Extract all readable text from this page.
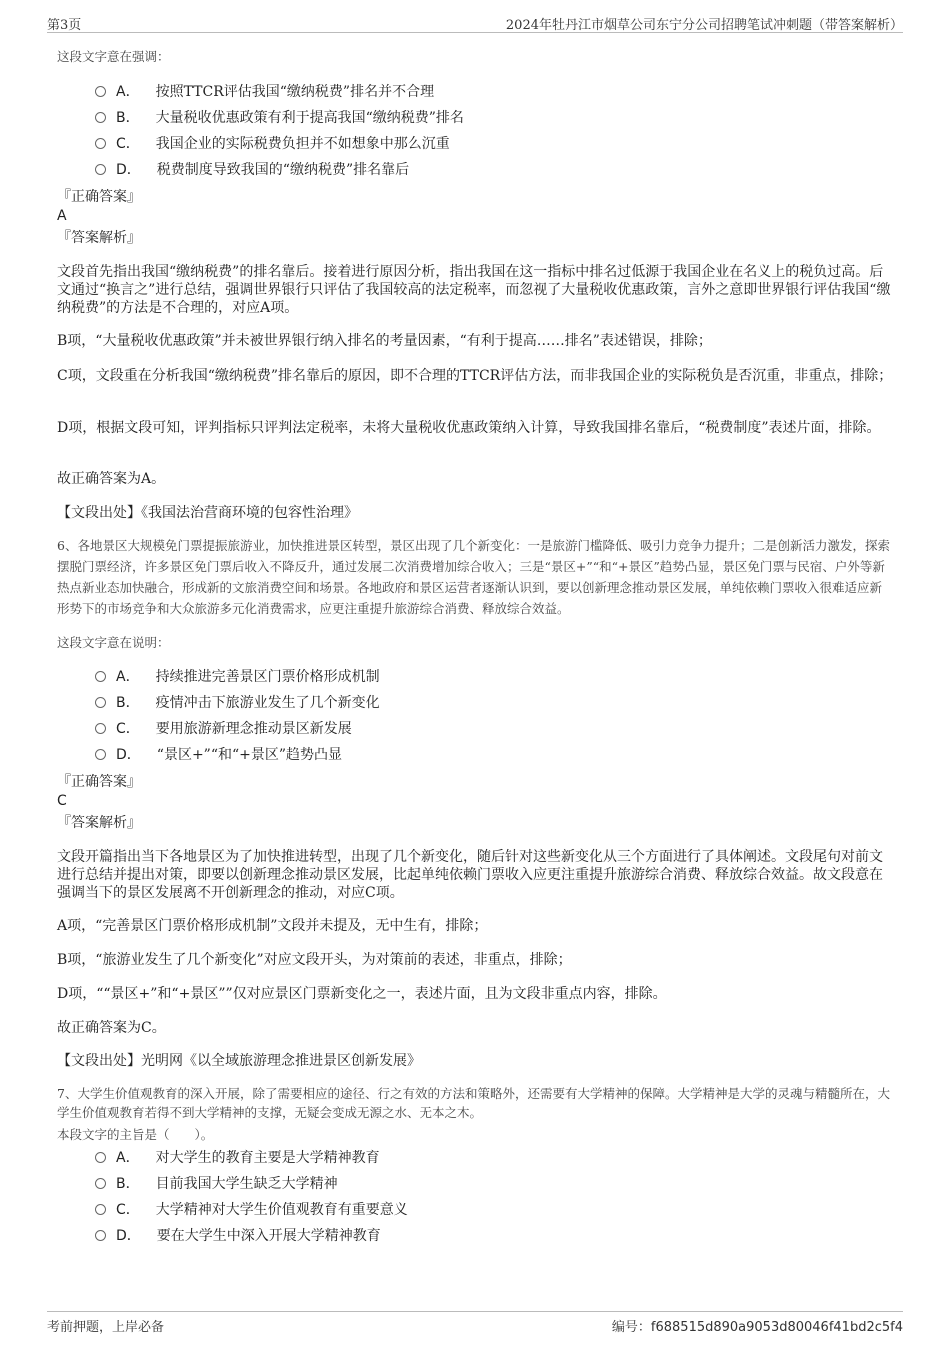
第3页	2024年牡丹江市烟草公司东宁分公司招聘笔试冲刺题（带答案解析）
这段文字意在强调：
A． 按照TTCR评估我国“缴纳税费”排名并不合理
B． 大量税收优惠政策有利于提高我国“缴纳税费”排名
C． 我国企业的实际税费负担并不如想象中那么沉重
D． 税费制度导致我国的“缴纳税费”排名靠后
『正确答案』
A
『答案解析』
文段首先指出我国“缴纳税费”的排名靠后。接着进行原因分析，指出我国在这一指标中排名过低源于我国企业在名义上的税负过高。后文通过“换言之”进行总结，强调世界银行只评估了我国较高的法定税率，而忽视了大量税收优惠政策，言外之意即世界银行评估我国“缴纳税费”的方法是不合理的，对应A项。
B项，“大量税收优惠政策”并未被世界银行纳入排名的考量因素，“有利于提高……排名”表述错误，排除；
C项，文段重在分析我国“缴纳税费”排名靠后的原因，即不合理的TTCR评估方法，而非我国企业的实际税负是否沉重，非重点，排除；
D项，根据文段可知，评判指标只评判法定税率，未将大量税收优惠政策纳入计算，导致我国排名靠后，“税费制度”表述片面，排除。
故正确答案为A。
【文段出处】《我国法治营商环境的包容性治理》
6、各地景区大规模免门票提振旅游业，加快推进景区转型，景区出现了几个新变化：一是旅游门槛降低、吸引力竞争力提升；二是创新活力激发，探索摆脱门票经济，许多景区免门票后收入不降反升，通过发展二次消费增加综合收入；三是“景区+”“和“+景区”趋势凸显，景区免门票与民宿、户外等新热点新业态加快融合，形成新的文旅消费空间和场景。各地政府和景区运营者逐渐认识到，要以创新理念推动景区发展，单纯依赖门票收入很难适应新形势下的市场竞争和大众旅游多元化消费需求，应更注重提升旅游综合消费、释放综合效益。
这段文字意在说明：
A． 持续推进完善景区门票价格形成机制
B． 疫情冲击下旅游业发生了几个新变化
C． 要用旅游新理念推动景区新发展
D． “景区+”“和“+景区”趋势凸显
『正确答案』
C
『答案解析』
文段开篇指出当下各地景区为了加快推进转型，出现了几个新变化，随后针对这些新变化从三个方面进行了具体阐述。文段尾句对前文进行总结并提出对策，即要以创新理念推动景区发展，比起单纯依赖门票收入应更注重提升旅游综合消费、释放综合效益。故文段意在强调当下的景区发展离不开创新理念的推动，对应C项。
A项，“完善景区门票价格形成机制”文段并未提及，无中生有，排除；
B项，“旅游业发生了几个新变化”对应文段开头，为对策前的表述，非重点，排除；
D项，““景区+”和“+景区””仅对应景区门票新变化之一，表述片面，且为文段非重点内容，排除。
故正确答案为C。
【文段出处】光明网《以全域旅游理念推进景区创新发展》
7、大学生价值观教育的深入开展，除了需要相应的途径、行之有效的方法和策略外，还需要有大学精神的保障。大学精神是大学的灵魂与精髓所在，大学生价值观教育若得不到大学精神的支撑，无疑会变成无源之水、无本之木。
本段文字的主旨是（　　）。
A． 对大学生的教育主要是大学精神教育
B． 目前我国大学生缺乏大学精神
C． 大学精神对大学生价值观教育有重要意义
D． 要在大学生中深入开展大学精神教育
考前押题，上岸必备	编号：f688515d890a9053d80046f41bd2c5f4
